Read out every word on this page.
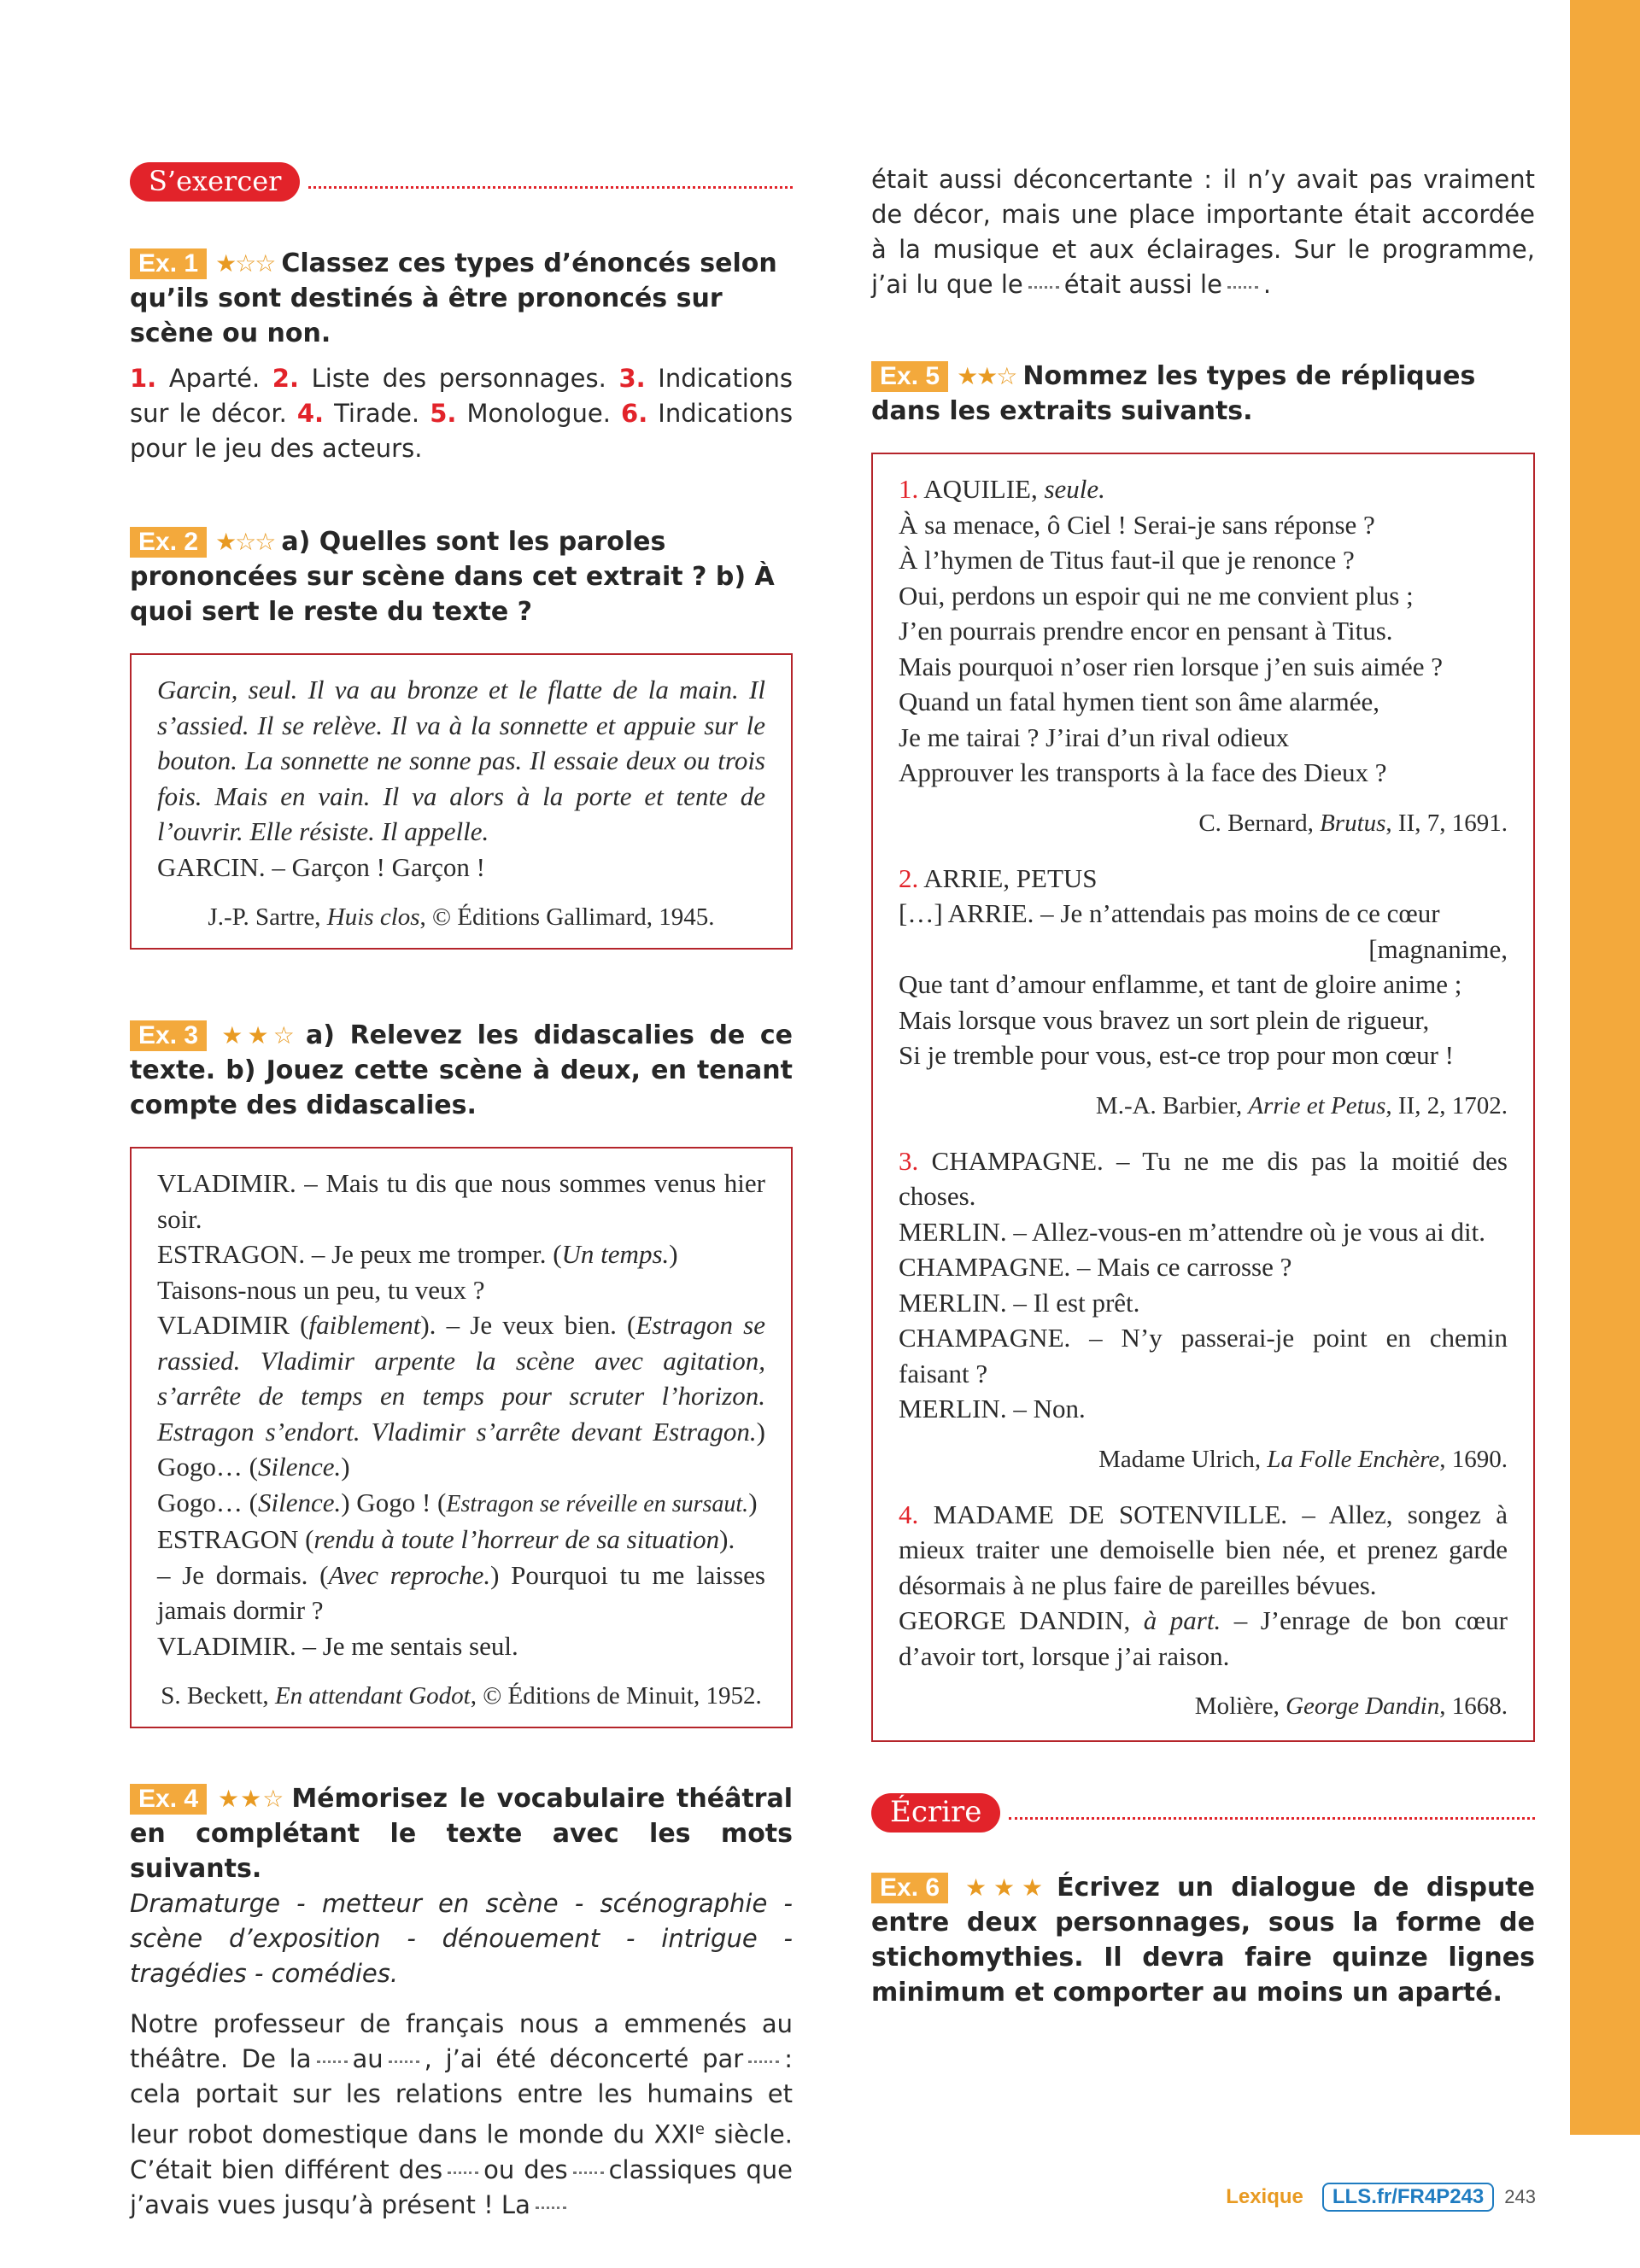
S’exercer
Ex. 1 ★☆☆ Classez ces types d’énoncés selon qu’ils sont destinés à être prononcés sur scène ou non.
1. Aparté. 2. Liste des personnages. 3. Indications sur le décor. 4. Tirade. 5. Monologue. 6. Indications pour le jeu des acteurs.
Ex. 2 ★☆☆ a) Quelles sont les paroles prononcées sur scène dans cet extrait ? b) À quoi sert le reste du texte ?
Garcin, seul. Il va au bronze et le flatte de la main. Il s’assied. Il se relève. Il va à la sonnette et appuie sur le bouton. La sonnette ne sonne pas. Il essaie deux ou trois fois. Mais en vain. Il va alors à la porte et tente de l’ouvrir. Elle résiste. Il appelle.
GARCIN. – Garçon ! Garçon !
J.-P. Sartre, Huis clos, © Éditions Gallimard, 1945.
Ex. 3 ★★☆ a) Relevez les didascalies de ce texte. b) Jouez cette scène à deux, en tenant compte des didascalies.
VLADIMIR. – Mais tu dis que nous sommes venus hier soir.
ESTRAGON. – Je peux me tromper. (Un temps.)
Taisons-nous un peu, tu veux ?
VLADIMIR (faiblement). – Je veux bien. (Estragon se rassied. Vladimir arpente la scène avec agitation, s’arrête de temps en temps pour scruter l’horizon. Estragon s’endort. Vladimir s’arrête devant Estragon.) Gogo… (Silence.)
Gogo… (Silence.) Gogo ! (Estragon se réveille en sursaut.)
ESTRAGON (rendu à toute l’horreur de sa situation).
– Je dormais. (Avec reproche.) Pourquoi tu me laisses jamais dormir ?
VLADIMIR. – Je me sentais seul.
S. Beckett, En attendant Godot, © Éditions de Minuit, 1952.
Ex. 4 ★★☆ Mémorisez le vocabulaire théâtral en complétant le texte avec les mots suivants.
Dramaturge - metteur en scène - scénographie - scène d’exposition - dénouement - intrigue - tragédies - comédies.
Notre professeur de français nous a emmenés au théâtre. De la au , j’ai été déconcerté par : cela portait sur les relations entre les humains et leur robot domestique dans le monde du XXIe siècle. C’était bien différent des ou des classiques que j’avais vues jusqu’à présent ! La
était aussi déconcertante : il n’y avait pas vraiment de décor, mais une place importante était accordée à la musique et aux éclairages. Sur le programme, j’ai lu que le était aussi le .
Ex. 5 ★★☆ Nommez les types de répliques dans les extraits suivants.
1. AQUILIE, seule.
À sa menace, ô Ciel ! Serai-je sans réponse ?
À l’hymen de Titus faut-il que je renonce ?
Oui, perdons un espoir qui ne me convient plus ;
J’en pourrais prendre encor en pensant à Titus.
Mais pourquoi n’oser rien lorsque j’en suis aimée ?
Quand un fatal hymen tient son âme alarmée,
Je me tairai ? J’irai d’un rival odieux
Approuver les transports à la face des Dieux ?
C. Bernard, Brutus, II, 7, 1691.
2. ARRIE, PETUS
[…] ARRIE. – Je n’attendais pas moins de ce cœur
[magnanime,
Que tant d’amour enflamme, et tant de gloire anime ;
Mais lorsque vous bravez un sort plein de rigueur,
Si je tremble pour vous, est-ce trop pour mon cœur !
M.-A. Barbier, Arrie et Petus, II, 2, 1702.
3. CHAMPAGNE. – Tu ne me dis pas la moitié des choses.
MERLIN. – Allez-vous-en m’attendre où je vous ai dit.
CHAMPAGNE. – Mais ce carrosse ?
MERLIN. – Il est prêt.
CHAMPAGNE. – N’y passerai-je point en chemin faisant ?
MERLIN. – Non.
Madame Ulrich, La Folle Enchère, 1690.
4. MADAME DE SOTENVILLE. – Allez, songez à mieux traiter une demoiselle bien née, et prenez garde désormais à ne plus faire de pareilles bévues.
GEORGE DANDIN, à part. – J’enrage de bon cœur d’avoir tort, lorsque j’ai raison.
Molière, George Dandin, 1668.
Écrire
Ex. 6 ★★★ Écrivez un dialogue de dispute entre deux personnages, sous la forme de stichomythies. Il devra faire quinze lignes minimum et comporter au moins un aparté.
Lexique	LLS.fr/FR4P243	243
